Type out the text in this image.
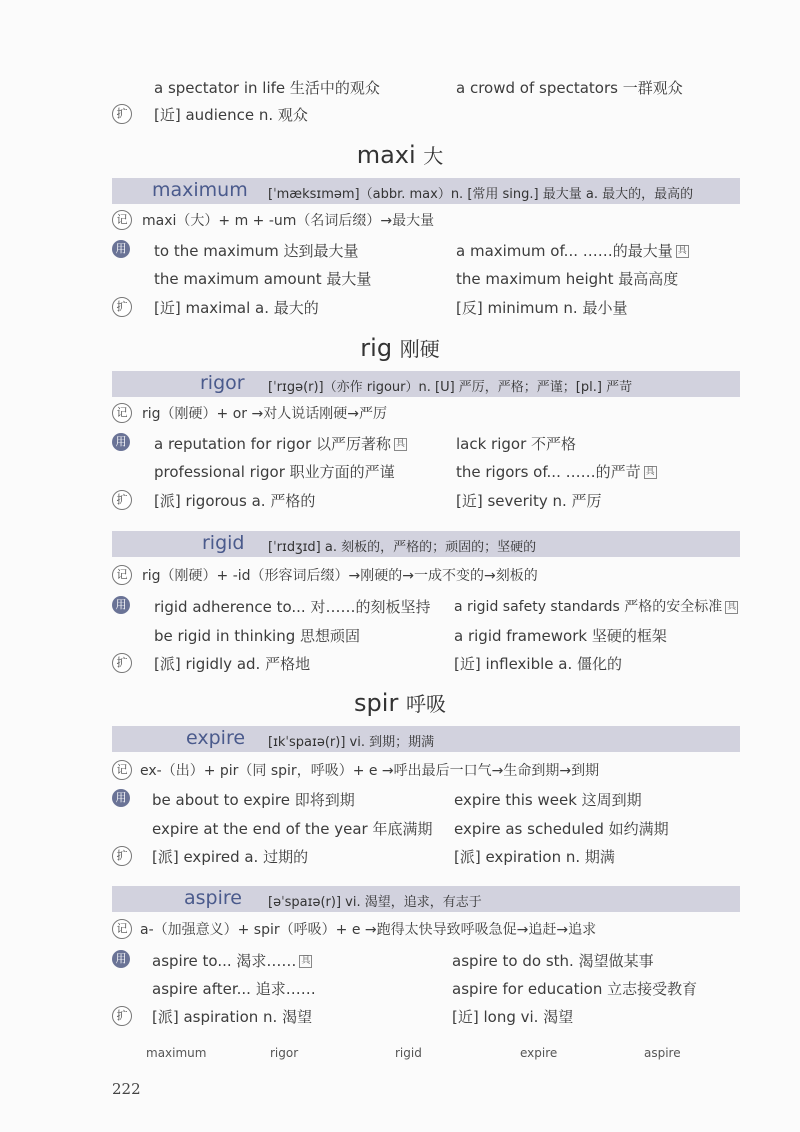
a spectator in life 生活中的观众	a crowd of spectators 一群观众
扩	[近] audience n. 观众
maxi 大
maximum [ˈmæksɪməm]（abbr. max）n. [常用 sing.] 最大量 a. 最大的，最高的
记	maxi（大）+ m + -um（名词后缀）→最大量
用 to the maximum 达到最大量	a maximum of... ……的最大量 具
the maximum amount 最大量	the maximum height 最高高度
扩	[近] maximal a. 最大的	[反] minimum n. 最小量
rig 刚硬
rigor [ˈrɪgə(r)]（亦作 rigour）n. [U] 严厉，严格；严谨；[pl.] 严苛
记	rig（刚硬）+ or →对人说话刚硬→严厉
用 a reputation for rigor 以严厉著称 具	lack rigor 不严格
professional rigor 职业方面的严谨	the rigors of... ……的严苛 具
扩	[派] rigorous a. 严格的	[近] severity n. 严厉
rigid [ˈrɪdʒɪd] a. 刻板的，严格的；顽固的；坚硬的
记	rig（刚硬）+ -id（形容词后缀）→刚硬的→一成不变的→刻板的
用 rigid adherence to... 对……的刻板坚持 a rigid safety standards 严格的安全标准 具
be rigid in thinking 思想顽固	a rigid framework 坚硬的框架
扩	[派] rigidly ad. 严格地	[近] inflexible a. 僵化的
spir 呼吸
expire [ɪkˈspaɪə(r)] vi. 到期；期满
记 ex-（出）+ pir（同 spir，呼吸）+ e →呼出最后一口气→生命到期→到期
用 be about to expire 即将到期	expire this week 这周到期
expire at the end of the year 年底满期 expire as scheduled 如约满期
扩	[派] expired a. 过期的	[派] expiration n. 期满
aspire [əˈspaɪə(r)] vi. 渴望，追求，有志于
记 a-（加强意义）+ spir（呼吸）+ e →跑得太快导致呼吸急促→追赶→追求
用 aspire to... 渴求…… 具	aspire to do sth. 渴望做某事
aspire after... 追求……	aspire for education 立志接受教育
扩	[派] aspiration n. 渴望	[近] long vi. 渴望
maximum	rigor	rigid	expire	aspire
222
